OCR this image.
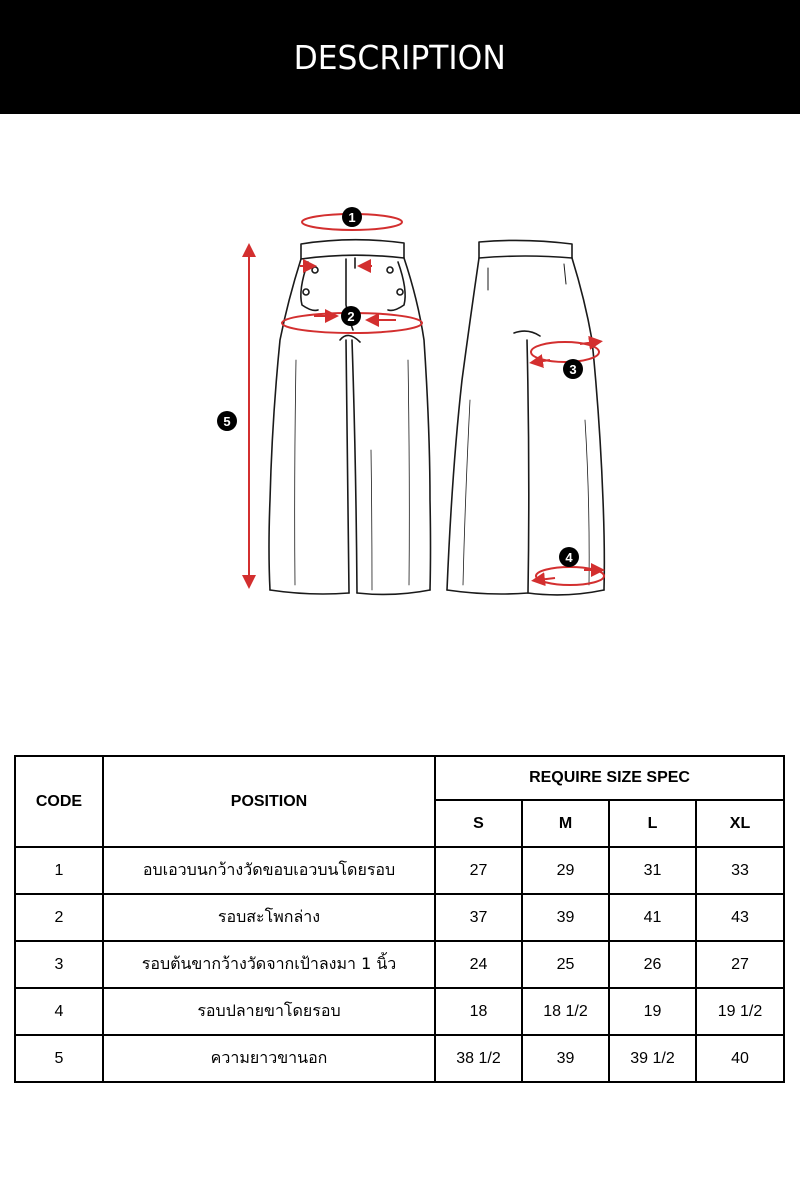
DESCRIPTION
1
2
3
4
5
CODE	POSITION	REQUIRE SIZE SPEC			
		S	M	L	XL
1	อบเอวบนกว้างวัดขอบเอวบนโดยรอบ	27	29	31	33
2	รอบสะโพกล่าง	37	39	41	43
3	รอบต้นขากว้างวัดจากเป้าลงมา 1 นิ้ว	24	25	26	27
4	รอบปลายขาโดยรอบ	18	18 1/2	19	19 1/2
5	ความยาวขานอก	38 1/2	39	39 1/2	40
